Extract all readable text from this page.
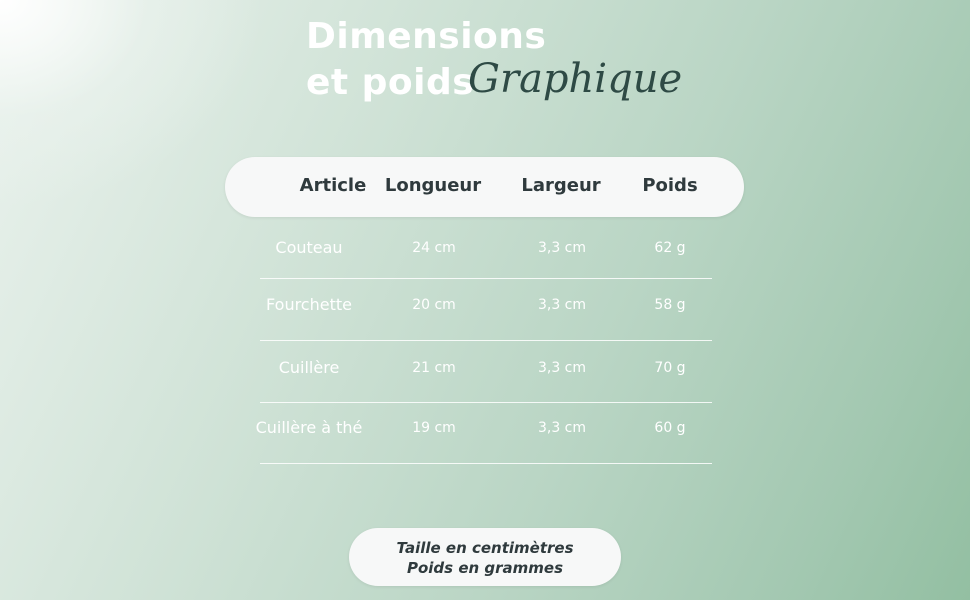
Dimensions
et poids
Graphique
Article	Longueur	Largeur	Poids
Couteau	24 cm	3,3 cm	62 g
Fourchette	20 cm	3,3 cm	58 g
Cuillère	21 cm	3,3 cm	70 g
Cuillère à thé	19 cm	3,3 cm	60 g
Taille en centimètres
Poids en grammes
